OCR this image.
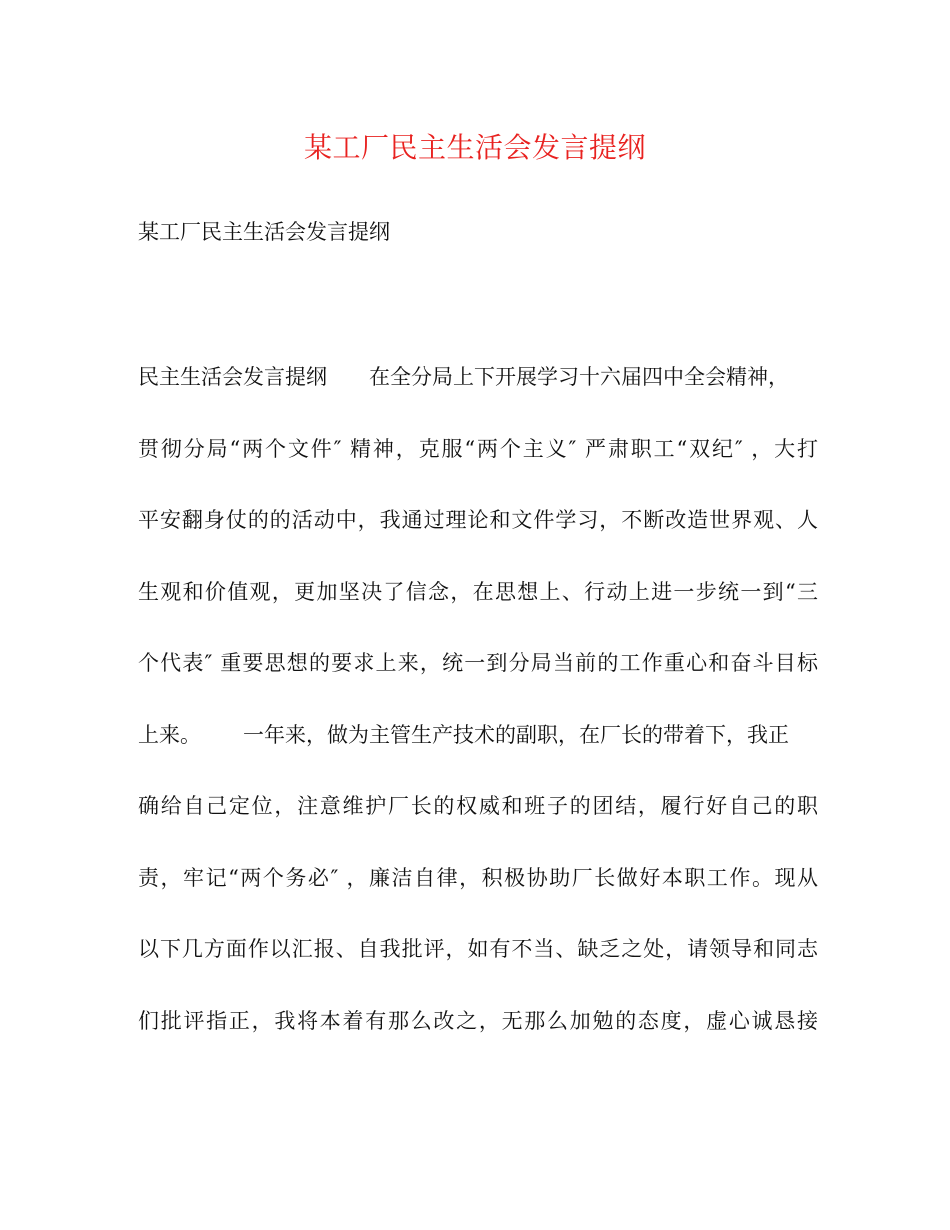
某工厂民主生活会发言提纲
某工厂民主生活会发言提纲
民主生活会发言提纲 在全分局上下开展学习十六届四中全会精神，
贯彻分局“两个文件″ 精神，克服“两个主义″ 严肃职工“双纪″ ，大打
平安翻身仗的的活动中，我通过理论和文件学习，不断改造世界观、人
生观和价值观，更加坚决了信念，在思想上、行动上进一步统一到“三
个代表″ 重要思想的要求上来，统一到分局当前的工作重心和奋斗目标
上来。 一年来，做为主管生产技术的副职，在厂长的带着下，我正
确给自己定位，注意维护厂长的权威和班子的团结，履行好自己的职
责，牢记“两个务必″ ，廉洁自律，积极协助厂长做好本职工作。现从
以下几方面作以汇报、自我批评，如有不当、缺乏之处，请领导和同志
们批评指正，我将本着有那么改之，无那么加勉的态度，虚心诚恳接
